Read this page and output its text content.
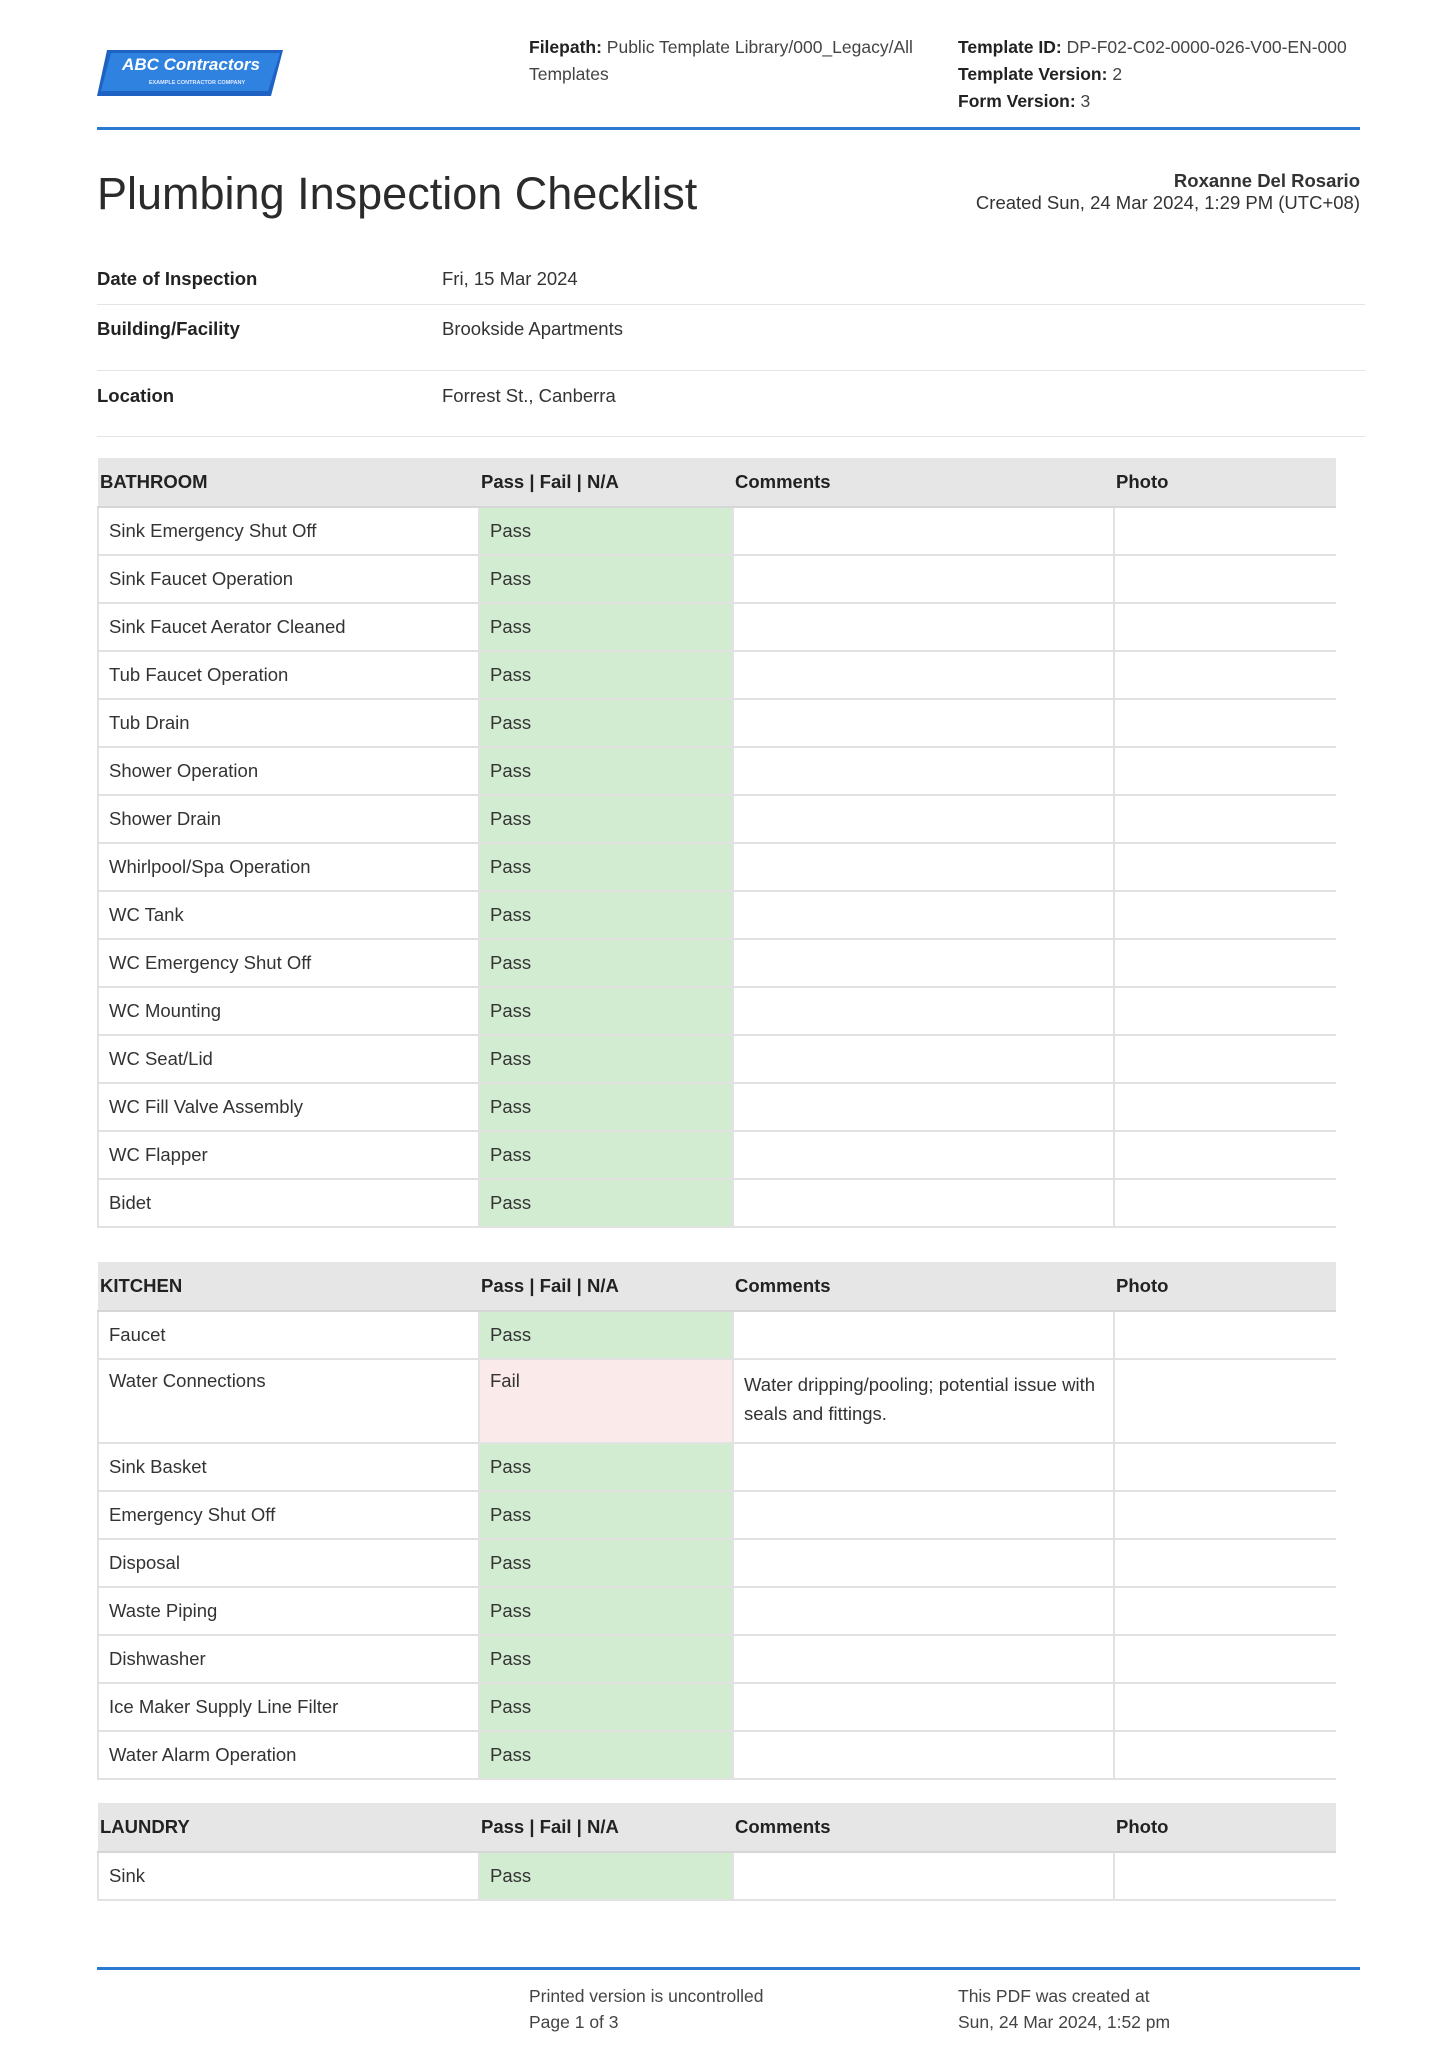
ABC Contractors
EXAMPLE CONTRACTOR COMPANY
Filepath: Public Template Library/000_Legacy/All
Templates
Template ID: DP-F02-C02-0000-026-V00-EN-000
Template Version: 2
Form Version: 3
Plumbing Inspection Checklist	Roxanne Del Rosario
Created Sun, 24 Mar 2024, 1:29 PM (UTC+08)
Date of Inspection	Fri, 15 Mar 2024
Building/Facility	Brookside Apartments
Location	Forrest St., Canberra
BATHROOM	Pass | Fail | N/A	Comments	Photo
Sink Emergency Shut Off	Pass		
Sink Faucet Operation	Pass		
Sink Faucet Aerator Cleaned	Pass		
Tub Faucet Operation	Pass		
Tub Drain	Pass		
Shower Operation	Pass		
Shower Drain	Pass		
Whirlpool/Spa Operation	Pass		
WC Tank	Pass		
WC Emergency Shut Off	Pass		
WC Mounting	Pass		
WC Seat/Lid	Pass		
WC Fill Valve Assembly	Pass		
WC Flapper	Pass		
Bidet	Pass		
KITCHEN	Pass | Fail | N/A	Comments	Photo
Faucet	Pass		
Water Connections	Fail	Water dripping/pooling; potential issue with seals and fittings.	
Sink Basket	Pass		
Emergency Shut Off	Pass		
Disposal	Pass		
Waste Piping	Pass		
Dishwasher	Pass		
Ice Maker Supply Line Filter	Pass		
Water Alarm Operation	Pass		
LAUNDRY	Pass | Fail | N/A	Comments	Photo
Sink	Pass		
Printed version is uncontrolled
Page 1 of 3
This PDF was created at
Sun, 24 Mar 2024, 1:52 pm
